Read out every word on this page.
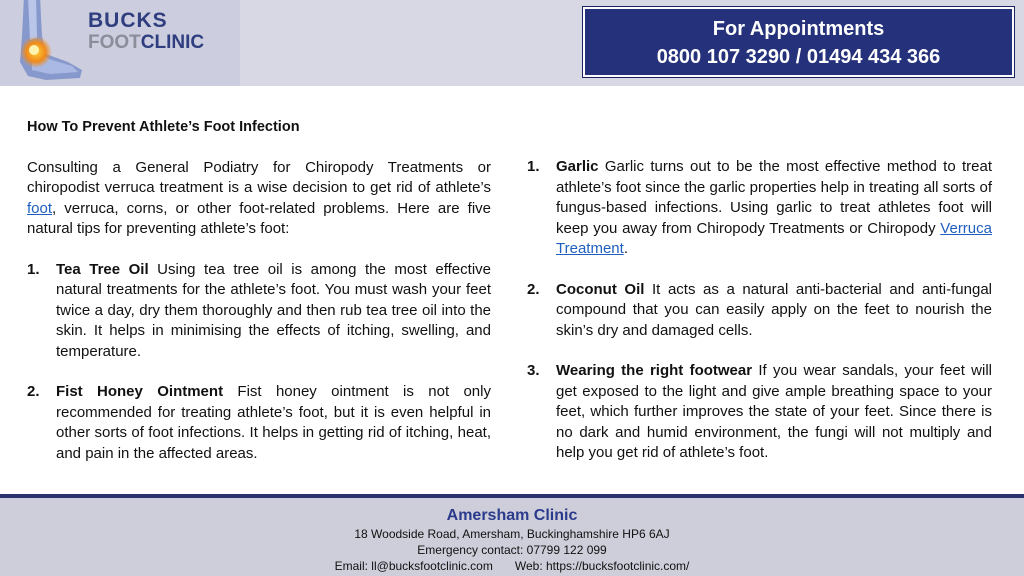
BUCKS
FOOTCLINIC
For Appointments
0800 107 3290 / 01494 434 366
How To Prevent Athlete’s Foot Infection

Consulting a General Podiatry for Chiropody Treatments or chiropodist verruca treatment is a wise decision to get rid of athlete’s foot, verruca, corns, or other foot-related problems. Here are five natural tips for preventing athlete’s foot:

1. Tea Tree Oil Using tea tree oil is among the most effective natural treatments for the athlete’s foot. You must wash your feet twice a day, dry them thoroughly and then rub tea tree oil into the skin. It helps in minimising the effects of itching, swelling, and temperature.
2. Fist Honey Ointment Fist honey ointment is not only recommended for treating athlete’s foot, but it is even helpful in other sorts of foot infections. It helps in getting rid of itching, heat, and pain in the affected areas.
1. Garlic Garlic turns out to be the most effective method to treat athlete’s foot since the garlic properties help in treating all sorts of fungus-based infections. Using garlic to treat athletes foot will keep you away from Chiropody Treatments or Chiropody Verruca Treatment.
2. Coconut Oil It acts as a natural anti-bacterial and anti-fungal compound that you can easily apply on the feet to nourish the skin’s dry and damaged cells.
3. Wearing the right footwear If you wear sandals, your feet will get exposed to the light and give ample breathing space to your feet, which further improves the state of your feet. Since there is no dark and humid environment, the fungi will not multiply and help you get rid of athlete’s foot.
Amersham Clinic
18 Woodside Road, Amersham, Buckinghamshire HP6 6AJ
Emergency contact: 07799 122 099
Email: ll@bucksfootclinic.com Web: https://bucksfootclinic.com/
